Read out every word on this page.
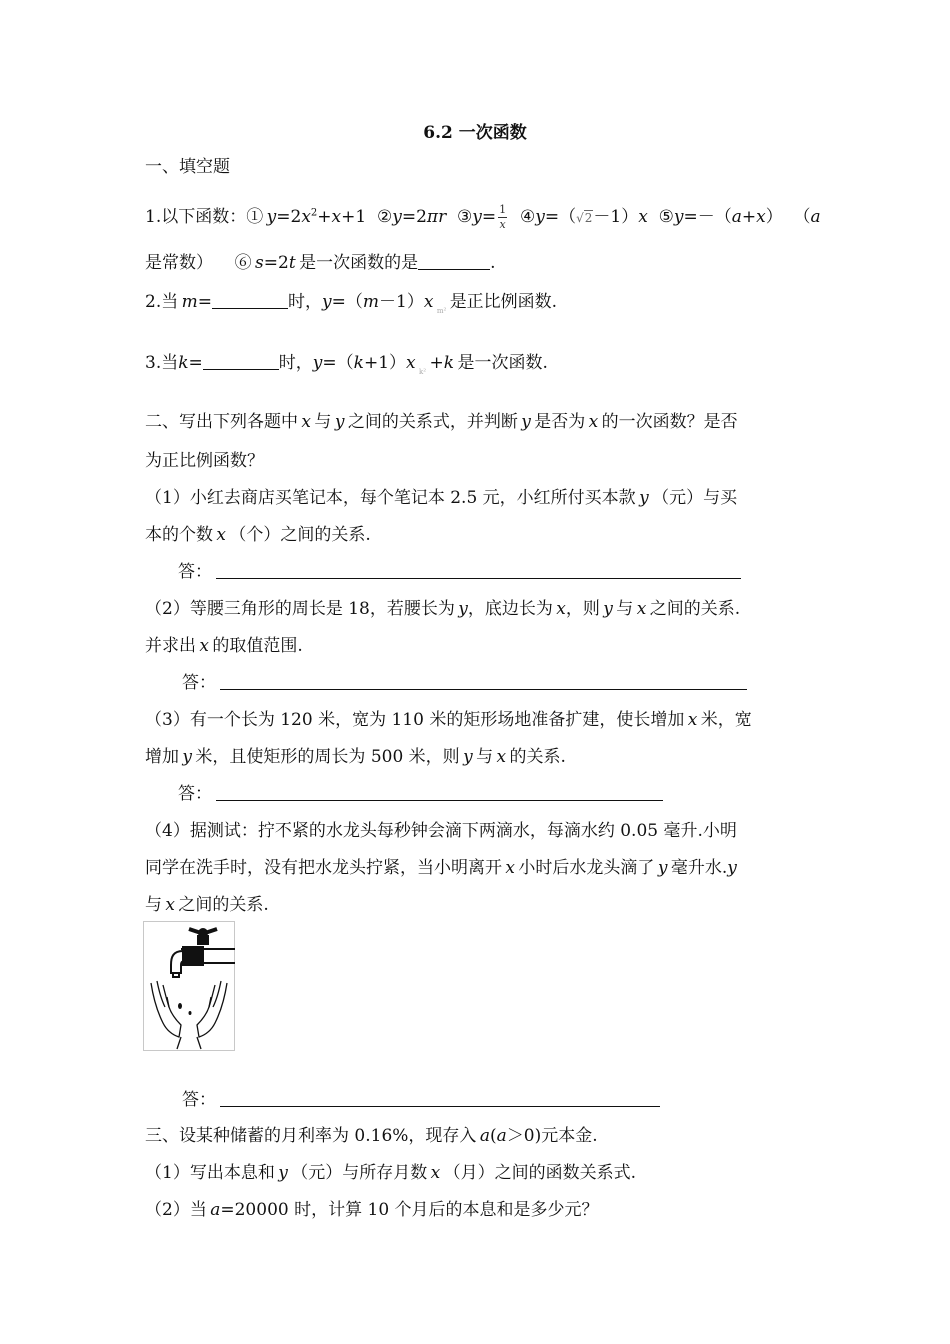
6.2 一次函数
一、填空题
1.以下函数：①  $y=2x^2+x+1$  ②y=2πr ③y= $\frac{1}{x}$ ④y=（√2－1）x ⑤y=－（a+x）  （a
是常数） ⑥  s=2t  是一次函数的是	.
2.当  m=	时，y=（m－1）x  $_{m^2}$  是正比例函数.
3.当k=	时，y=（k+1）x  $_{k^2}$ +k  是一次函数.
二、写出下列各题中  x  与  y  之间的关系式，并判断  y  是否为  x  的一次函数？是否
为正比例函数？
（1）小红去商店买笔记本，每个笔记本 2.5 元，小红所付买本款  y  （元）与买
本的个数  x  （个）之间的关系.
答：
（2）等腰三角形的周长是 18，若腰长为  y，底边长为  x，则  y  与  x  之间的关系.
并求出  x  的取值范围.
答：
（3）有一个长为 120 米，宽为 110 米的矩形场地准备扩建，使长增加  x  米，宽
增加  y  米，且使矩形的周长为 500 米，则  y  与  x  的关系.
答：
（4）据测试：拧不紧的水龙头每秒钟会滴下两滴水，每滴水约 0.05 毫升.小明
同学在洗手时，没有把水龙头拧紧，当小明离开  x  小时后水龙头滴了  y  毫升水.y
与  x  之间的关系.
答：
三、设某种储蓄的月利率为 0.16%，现存入  a(a＞0)元本金.
（1）写出本息和  y  （元）与所存月数  x  （月）之间的函数关系式.
（2）当  a=20000 时，计算 10 个月后的本息和是多少元？
